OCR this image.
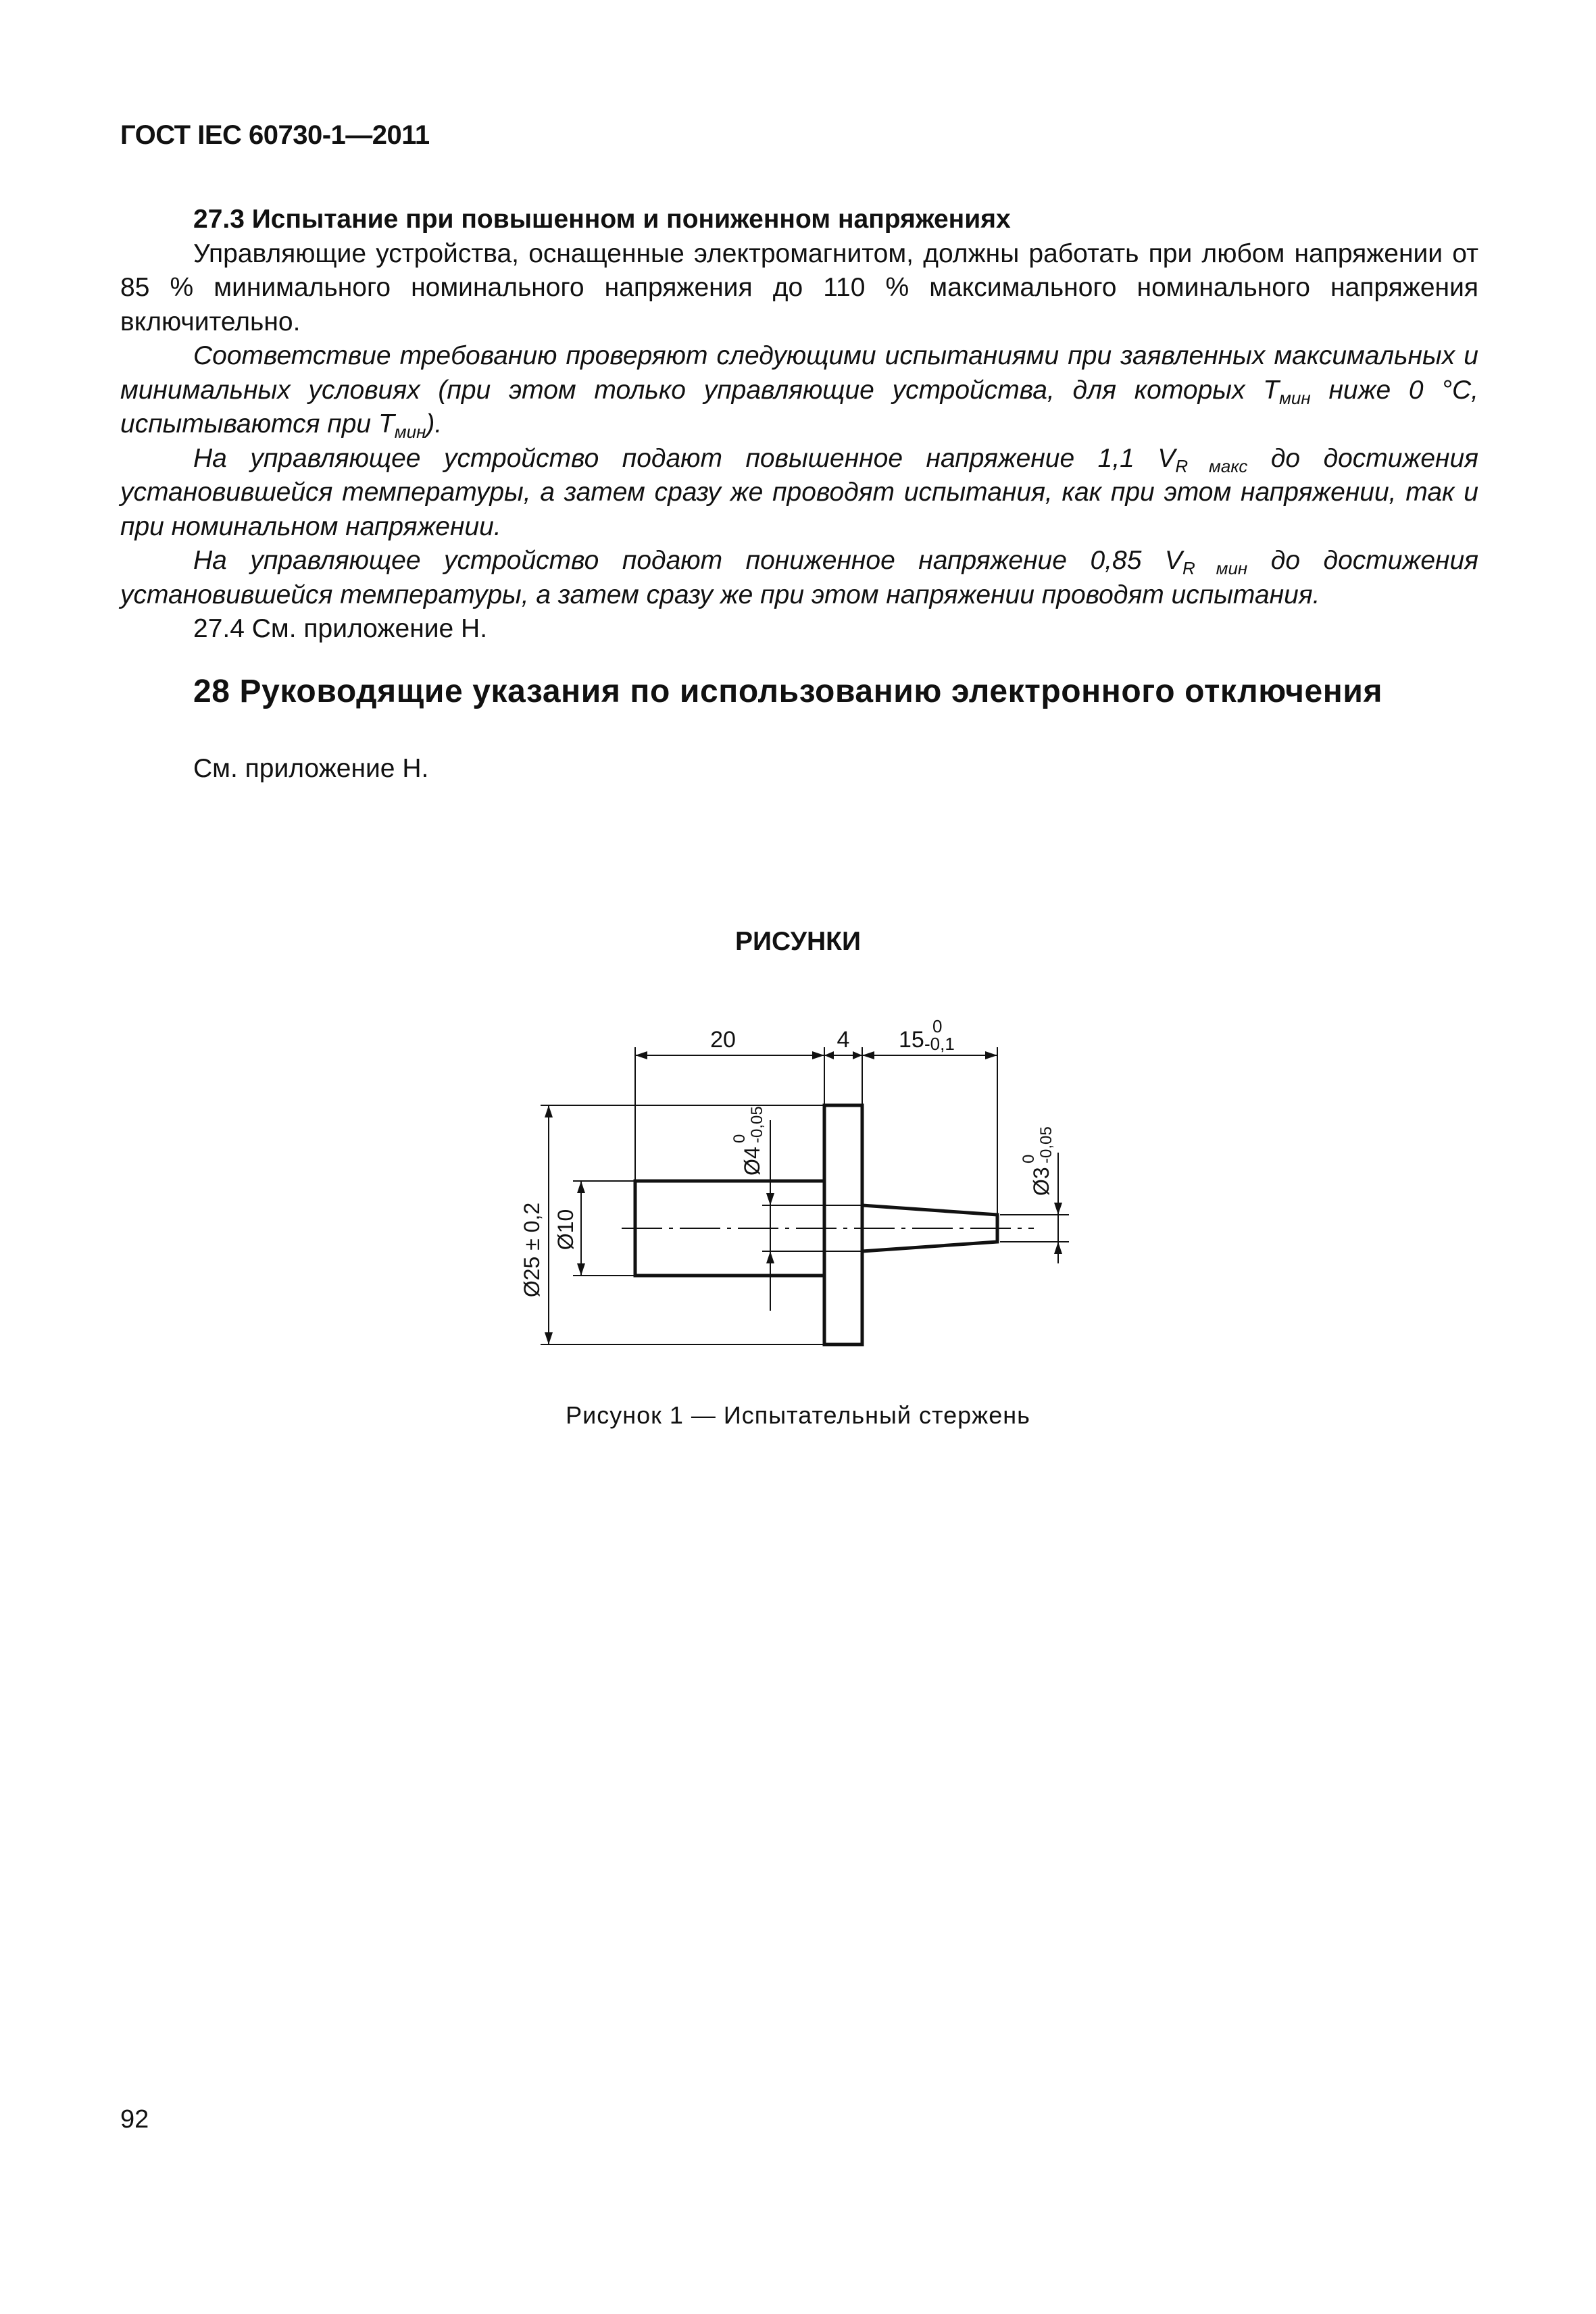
ГОСТ IEC 60730-1—2011

27.3 Испытание при повышенном и пониженном напряжениях

Управляющие устройства, оснащенные электромагнитом, должны работать при любом напряжении от 85 % минимального номинального напряжения до 110 % максимального номинального напряжения включительно.

Соответствие требованию проверяют следующими испытаниями при заявленных максимальных и минимальных условиях (при этом только управляющие устройства, для которых $T_{мин}$ ниже 0 °C, испытываются при $T_{мин}$).

На управляющее устройство подают повышенное напряжение 1,1 $V_{R макс}$ до достижения установившейся температуры, а затем сразу же проводят испытания, как при этом напряжении, так и при номинальном напряжении.

На управляющее устройство подают пониженное напряжение 0,85 $V_{R мин}$ до достижения установившейся температуры, а затем сразу же при этом напряжении проводят испытания.

27.4 См. приложение H.

28 Руководящие указания по использованию электронного отключения
См. приложение H.
РИСУНКИ
20	4 15
0
-0,1
Ø25 ± 0,2 Ø10
Ø4
0 -0,05
Ø3
0 -0,05
Рисунок 1 — Испытательный стержень
92
